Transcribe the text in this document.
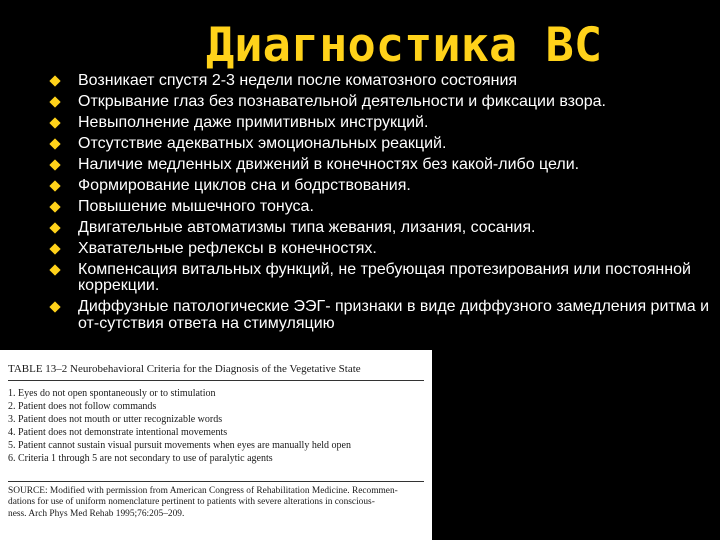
Диагностика ВС
Возникает спустя 2-3 недели после коматозного состояния
Открывание глаз без познавательной деятельности и фиксации взора.
Невыполнение даже примитивных инструкций.
Отсутствие адекватных эмоциональных реакций.
Наличие медленных движений в конечностях без какой-либо цели.
Формирование циклов сна и бодрствования.
Повышение мышечного тонуса.
Двигательные автоматизмы типа жевания, лизания, сосания.
Хватательные рефлексы в конечностях.
Компенсация витальных функций, не требующая протезирования или постоянной коррекции.
Диффузные патологические ЭЭГ- признаки в виде диффузного замедления ритма и от-сутствия ответа на стимуляцию
TABLE 13–2 Neurobehavioral Criteria for the Diagnosis of the Vegetative State
1. Eyes do not open spontaneously or to stimulation
2. Patient does not follow commands
3. Patient does not mouth or utter recognizable words
4. Patient does not demonstrate intentional movements
5. Patient cannot sustain visual pursuit movements when eyes are manually held open
6. Criteria 1 through 5 are not secondary to use of paralytic agents
SOURCE: Modified with permission from American Congress of Rehabilitation Medicine. Recommen-
dations for use of uniform nomenclature pertinent to patients with severe alterations in conscious-
ness. Arch Phys Med Rehab 1995;76:205–209.
